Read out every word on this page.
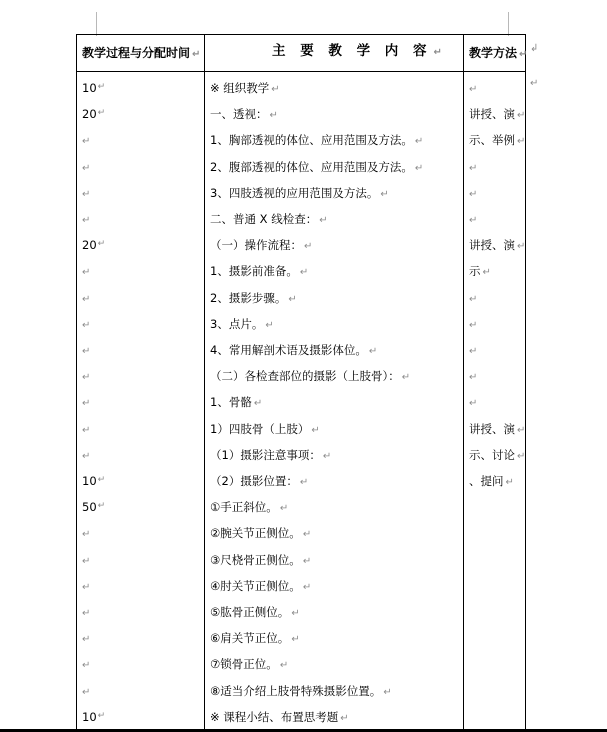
教学过程与分配时间 ↵	主 要 教 学 内 容 ↵ 教学方法 ↵
↲
10↵	※ 组织教学 ↵	↵
↵
20↵	一、透视： ↵	讲授、演 ↵
↵	1、胸部透视的体位、应用范围及方法。 ↵	示、举例 ↵
↵	2、腹部透视的体位、应用范围及方法。 ↵	↵
↵	3、四肢透视的应用范围及方法。 ↵	↵
↵	二、普通 X 线检查： ↵	↵
20↵	（一）操作流程： ↵	讲授、演 ↵
↵	1、摄影前准备。 ↵	示 ↵
↵	2、摄影步骤。 ↵	↵
↵	3、点片。 ↵	↵
↵	4、常用解剖术语及摄影体位。 ↵	↵
↵	（二）各检查部位的摄影（上肢骨）： ↵	↵
↵	1、骨骼 ↵	↵
↵	1）四肢骨（上肢） ↵	讲授、演 ↵
↵	（1）摄影注意事项： ↵	示、讨论 ↵
10↵	（2）摄影位置： ↵	、提问 ↵
50↵	①手正斜位。 ↵
↵	②腕关节正侧位。 ↵
↵	③尺桡骨正侧位。 ↵
↵	④肘关节正侧位。 ↵
↵	⑤肱骨正侧位。 ↵
↵	⑥肩关节正位。 ↵
↵	⑦锁骨正位。 ↵
↵	⑧适当介绍上肢骨特殊摄影位置。 ↵
10↵	※ 课程小结、布置思考题 ↵
